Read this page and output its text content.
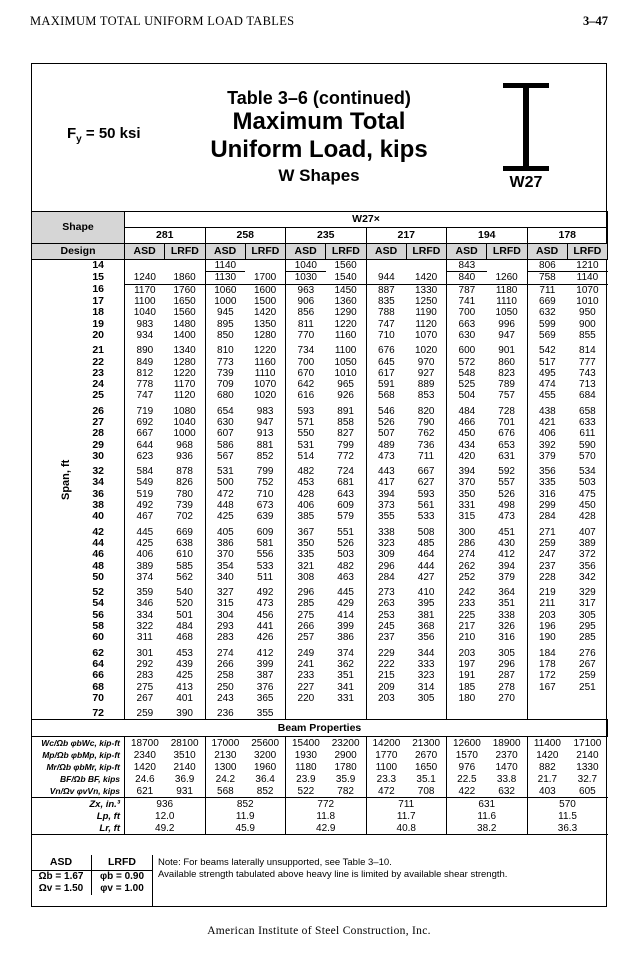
MAXIMUM TOTAL UNIFORM LOAD TABLES	3–47
$F_y = 50$ ksi
Table 3–6 (continued)
Maximum Total
Uniform Load, kips
W Shapes	W27
Shape	W27×											
	281		258		235		217		194		178	
Design	ASD	LRFD	ASD	LRFD	ASD	LRFD	ASD	LRFD	ASD	LRFD	ASD	LRFD
14			1140		1040	1560			843		806	1210
15	1240	1860	1130	1700	1030	1540	944	1420	840	1260	758	1140
16	1170	1760	1060	1600	963	1450	887	1330	787	1180	711	1070
17	1100	1650	1000	1500	906	1360	835	1250	741	1110	669	1010
18	1040	1560	945	1420	856	1290	788	1190	700	1050	632	950
19	983	1480	895	1350	811	1220	747	1120	663	996	599	900
20	934	1400	850	1280	770	1160	710	1070	630	947	569	855
21	890	1340	810	1220	734	1100	676	1020	600	901	542	814
22	849	1280	773	1160	700	1050	645	970	572	860	517	777
23	812	1220	739	1110	670	1010	617	927	548	823	495	743
24	778	1170	709	1070	642	965	591	889	525	789	474	713
25	747	1120	680	1020	616	926	568	853	504	757	455	684
26	719	1080	654	983	593	891	546	820	484	728	438	658
27	692	1040	630	947	571	858	526	790	466	701	421	633
28	667	1000	607	913	550	827	507	762	450	676	406	611
29	644	968	586	881	531	799	489	736	434	653	392	590
30	623	936	567	852	514	772	473	711	420	631	379	570
32	584	878	531	799	482	724	443	667	394	592	356	534
34	549	826	500	752	453	681	417	627	370	557	335	503
36	519	780	472	710	428	643	394	593	350	526	316	475
38	492	739	448	673	406	609	373	561	331	498	299	450
40	467	702	425	639	385	579	355	533	315	473	284	428
42	445	669	405	609	367	551	338	508	300	451	271	407
44	425	638	386	581	350	526	323	485	286	430	259	389
46	406	610	370	556	335	503	309	464	274	412	247	372
48	389	585	354	533	321	482	296	444	262	394	237	356
50	374	562	340	511	308	463	284	427	252	379	228	342
52	359	540	327	492	296	445	273	410	242	364	219	329
54	346	520	315	473	285	429	263	395	233	351	211	317
56	334	501	304	456	275	414	253	381	225	338	203	305
58	322	484	293	441	266	399	245	368	217	326	196	295
60	311	468	283	426	257	386	237	356	210	316	190	285
62	301	453	274	412	249	374	229	344	203	305	184	276
64	292	439	266	399	241	362	222	333	197	296	178	267
66	283	425	258	387	233	351	215	323	191	287	172	259
68	275	413	250	376	227	341	209	314	185	278	167	251
70	267	401	243	365	220	331	203	305	180	270		
72	259	390	236	355								
Beam Properties												
Wc/Ωb φbWc, kip-ft	18700	28100	17000	25600	15400	23200	14200	21300	12600	18900	11400	17100
Mp/Ωb φbMp, kip-ft	2340	3510	2130	3200	1930	2900	1770	2670	1570	2370	1420	2140
Mr/Ωb φbMr, kip-ft	1420	2140	1300	1960	1180	1780	1100	1650	976	1470	882	1330
BF/Ωb BF, kips	24.6	36.9	24.2	36.4	23.9	35.9	23.3	35.1	22.5	33.8	21.7	32.7
Vn/Ωv φvVn, kips	621	931	568	852	522	782	472	708	422	632	403	605
Zx, in.³	936		852		772		711		631		570	
Lp, ft	12.0		11.9		11.8		11.7		11.6		11.5	
Lr, ft	49.2		45.9		42.9		40.8		38.2		36.3	
Span, ft
ASD	LRFD
Ωb = 1.67	φb = 0.90
Ωv = 1.50	φv = 1.00
Note: For beams laterally unsupported, see Table 3–10.
Available strength tabulated above heavy line is limited by available shear strength.
American Institute of Steel Construction, Inc.
